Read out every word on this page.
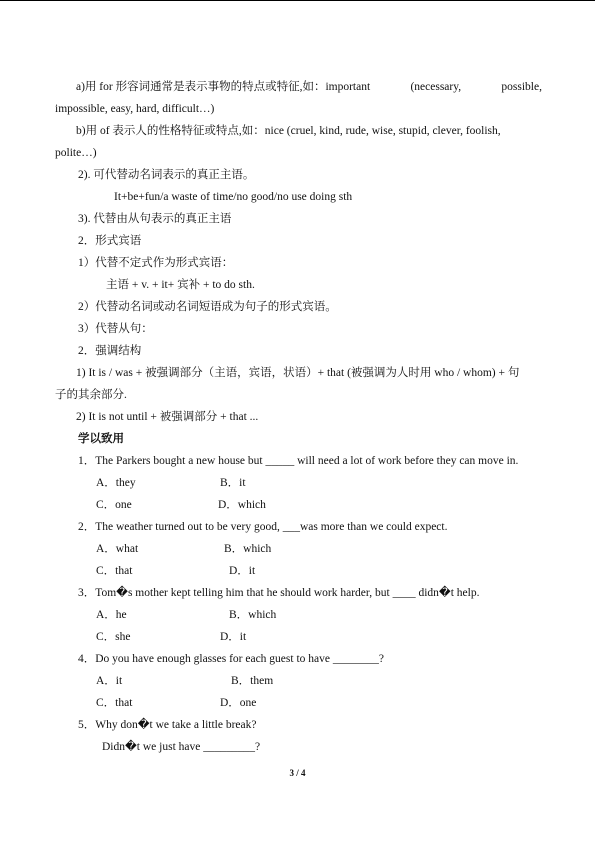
a)用 for 形容词通常是表示事物的特点或特征,如：important	(necessary,	possible,
impossible, easy, hard, difficult…)
b)用 of 表示人的性格特征或特点,如：nice (cruel, kind, rude, wise, stupid, clever, foolish,
polite…)
2). 可代替动名词表示的真正主语。
It+be+fun/a waste of time/no good/no use doing sth
3). 代替由从句表示的真正主语
2．形式宾语
1）代替不定式作为形式宾语：
主语 + v. + it+ 宾补 + to do sth.
2）代替动名词或动名词短语成为句子的形式宾语。
3）代替从句：
2．强调结构
1) It is / was + 被强调部分（主语，宾语，状语）+ that (被强调为人时用 who / whom) + 句
子的其余部分.
2) It is not until + 被强调部分 + that ...
学以致用
1．The Parkers bought a new house but _____ will need a lot of work before they can move in.
A．they	B．it
C．one	D．which
2．The weather turned out to be very good, ___was more than we could expect.
A．what	B．which
C．that	D．it
3．Tom�s mother kept telling him that he should work harder, but ____ didn�t help.
A．he	B．which
C．she	D．it
4．Do you have enough glasses for each guest to have ________?
A．it	B．them
C．that	D．one
5．Why don�t we take a little break?
Didn�t we just have _________?
3 / 4
